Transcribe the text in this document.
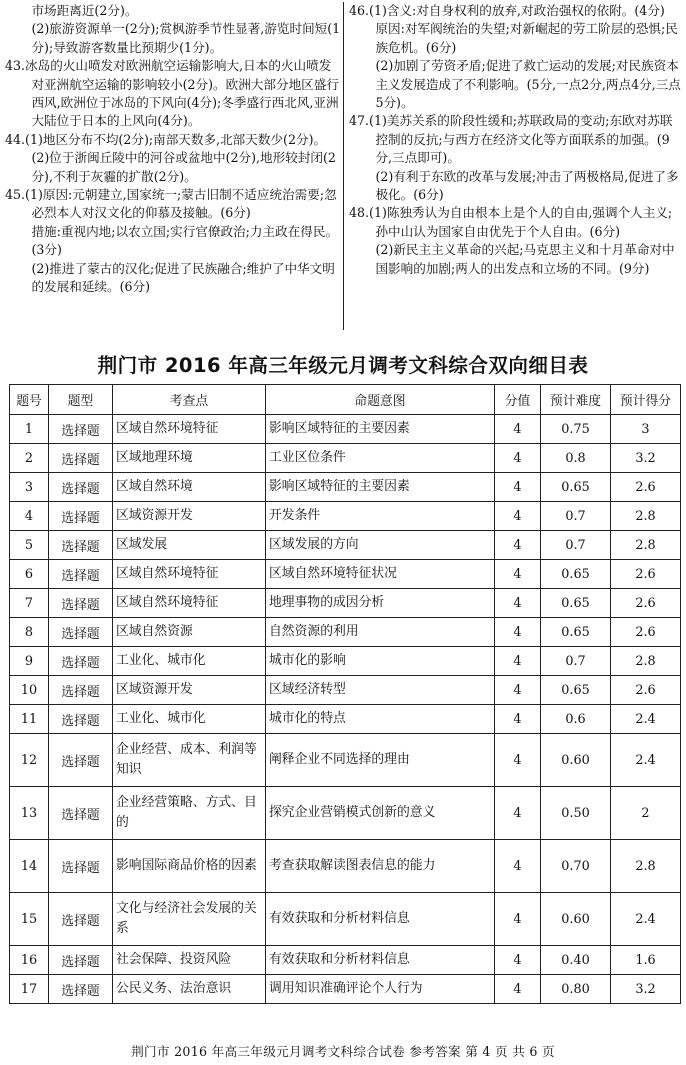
市场距离近(2分)。

(2)旅游资源单一(2分);赏枫游季节性显著,游览时间短(1分);导致游客数量比预期少(1分)。

43.冰岛的火山喷发对欧洲航空运输影响大,日本的火山喷发对亚洲航空运输的影响较小(2分)。欧洲大部分地区盛行西风,欧洲位于冰岛的下风向(4分);冬季盛行西北风,亚洲大陆位于日本的上风向(4分)。

44.(1)地区分布不均(2分);南部天数多,北部天数少(2分)。

(2)位于浙闽丘陵中的河谷或盆地中(2分),地形较封闭(2分),不利于灰霾的扩散(2分)。

45.(1)原因:元朝建立,国家统一;蒙古旧制不适应统治需要;忽必烈本人对汉文化的仰慕及接触。(6分)

措施:重视内地;以农立国;实行官僚政治;力主政在得民。(3分)

(2)推进了蒙古的汉化;促进了民族融合;维护了中华文明的发展和延续。(6分)

46.(1)含义:对自身权利的放弃,对政治强权的依附。(4分)

原因:对军阀统治的失望;对新崛起的劳工阶层的恐惧;民族危机。(6分)

(2)加剧了劳资矛盾;促进了救亡运动的发展;对民族资本主义发展造成了不利影响。(5分,一点2分,两点4分,三点5分)。

47.(1)美苏关系的阶段性缓和;苏联政局的变动;东欧对苏联控制的反抗;与西方在经济文化等方面联系的加强。(9分,三点即可)。

(2)有利于东欧的改革与发展;冲击了两极格局,促进了多极化。(6分)

48.(1)陈独秀认为自由根本上是个人的自由,强调个人主义;孙中山认为国家自由优先于个人自由。(6分)

(2)新民主主义革命的兴起;马克思主义和十月革命对中国影响的加剧;两人的出发点和立场的不同。(9分)

荆门市 2016 年高三年级元月调考文科综合双向细目表
题号	题型	考查点	命题意图	分值	预计难度	预计得分
1	选择题	区域自然环境特征	影响区域特征的主要因素	4	0.75	3
2	选择题	区域地理环境	工业区位条件	4	0.8	3.2
3	选择题	区域自然环境	影响区域特征的主要因素	4	0.65	2.6
4	选择题	区域资源开发	开发条件	4	0.7	2.8
5	选择题	区域发展	区域发展的方向	4	0.7	2.8
6	选择题	区域自然环境特征	区域自然环境特征状况	4	0.65	2.6
7	选择题	区域自然环境特征	地理事物的成因分析	4	0.65	2.6
8	选择题	区域自然资源	自然资源的利用	4	0.65	2.6
9	选择题	工业化、城市化	城市化的影响	4	0.7	2.8
10	选择题	区域资源开发	区域经济转型	4	0.65	2.6
11	选择题	工业化、城市化	城市化的特点	4	0.6	2.4
12	选择题	企业经营、成本、利润等知识	阐释企业不同选择的理由	4	0.60	2.4
13	选择题	企业经营策略、方式、目的	探究企业营销模式创新的意义	4	0.50	2
14	选择题	影响国际商品价格的因素	考查获取解读图表信息的能力	4	0.70	2.8
15	选择题	文化与经济社会发展的关系	有效获取和分析材料信息	4	0.60	2.4
16	选择题	社会保障、投资风险	有效获取和分析材料信息	4	0.40	1.6
17	选择题	公民义务、法治意识	调用知识准确评论个人行为	4	0.80	3.2
荆门市 2016 年高三年级元月调考文科综合试卷 参考答案 第 4 页 共 6 页
